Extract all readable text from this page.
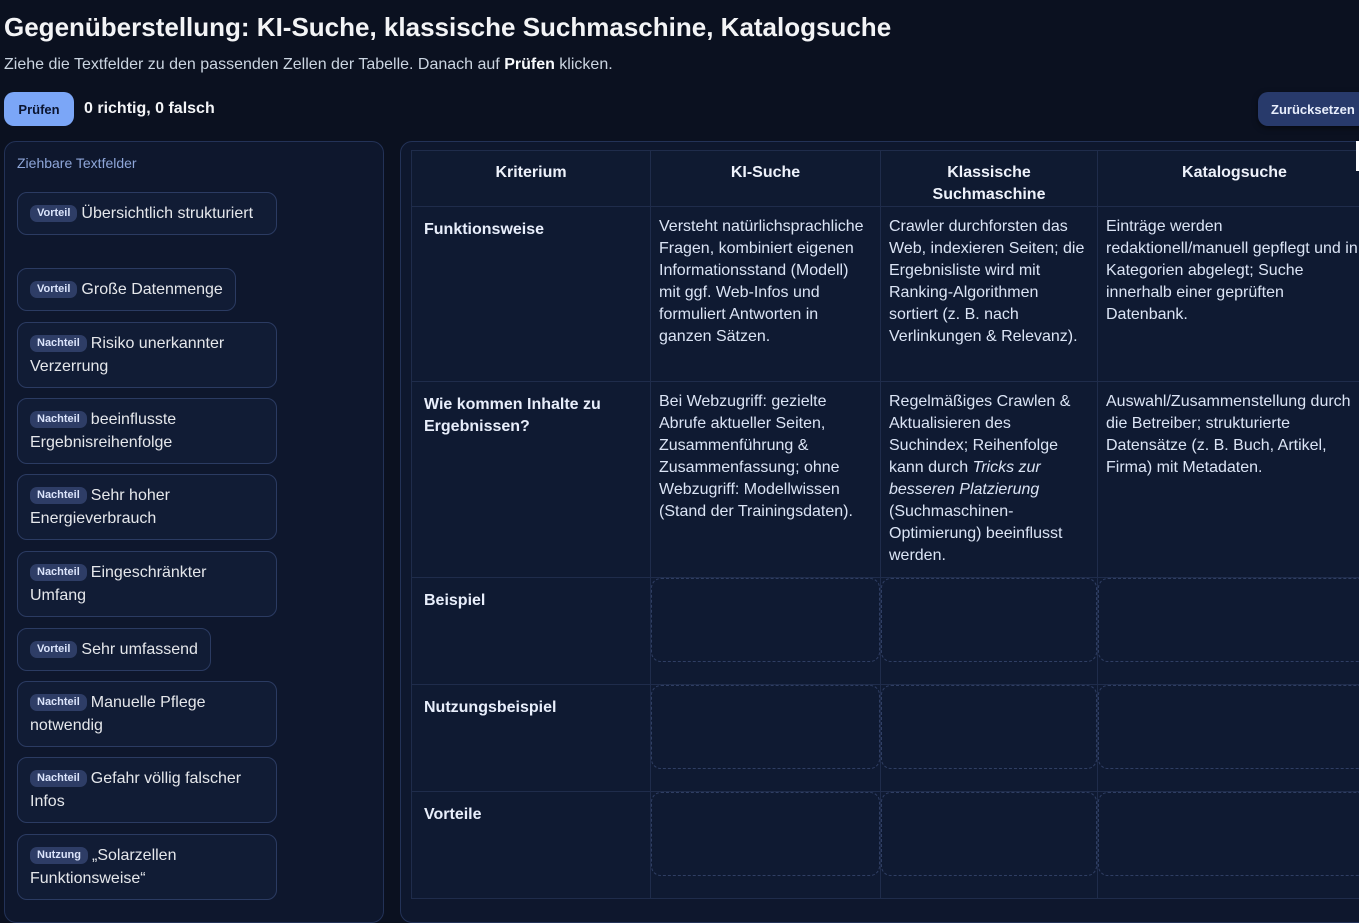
Gegenüberstellung: KI-Suche, klassische Suchmaschine, Katalogsuche

Ziehe die Textfelder zu den passenden Zellen der Tabelle. Danach auf Prüfen klicken.

Prüfen	0 richtig, 0 falsch	Zurücksetzen
Ziehbare Textfelder
Vorteil Übersichtlich strukturiert
Vorteil Große Datenmenge
Nachteil Risiko unerkannter Verzerrung
Nachteil beeinflusste Ergebnisreihenfolge
Nachteil Sehr hoher Energieverbrauch
Nachteil Eingeschränkter Umfang
Vorteil Sehr umfassend
Nachteil Manuelle Pflege notwendig
Nachteil Gefahr völlig falscher Infos
Nutzung „Solarzellen Funktionsweise“
Kriterium	KI-Suche	Klassische Suchmaschine	Katalogsuche
Funktionsweise	Versteht natürlichsprachliche Fragen, kombiniert eigenen Informationsstand (Modell) mit ggf. Web-Infos und formuliert Antworten in ganzen Sätzen.	Crawler durchforsten das Web, indexieren Seiten; die Ergebnisliste wird mit Ranking-Algorithmen sortiert (z. B. nach Verlinkungen & Relevanz).	Einträge werden redaktionell/manuell gepflegt und in Kategorien abgelegt; Suche innerhalb einer geprüften Datenbank.
Wie kommen Inhalte zu Ergebnissen?	Bei Webzugriff: gezielte Abrufe aktueller Seiten, Zusammenführung & Zusammenfassung; ohne Webzugriff: Modellwissen (Stand der Trainingsdaten).	Regelmäßiges Crawlen & Aktualisieren des Suchindex; Reihenfolge kann durch Tricks zur besseren Platzierung (Suchmaschinen-Optimierung) beeinflusst werden.	Auswahl/Zusammenstellung durch die Betreiber; strukturierte Datensätze (z. B. Buch, Artikel, Firma) mit Metadaten.
Beispiel	

Nutzungsbeispiel	

Vorteile	
